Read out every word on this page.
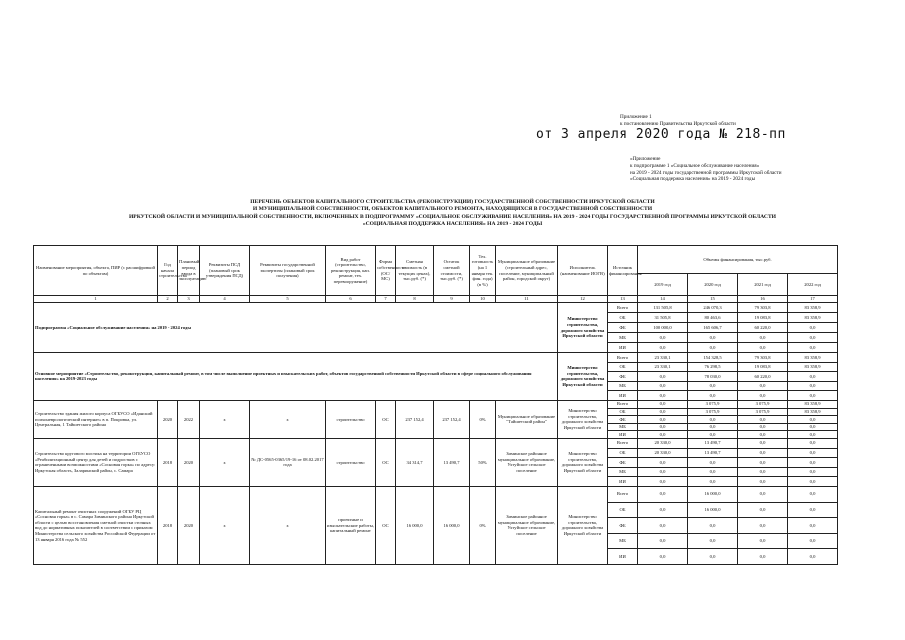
Приложение 1
к постановлению Правительства Иркутской области
от 3 апреля 2020 года № 218-пп
«Приложение
к подпрограмме 1 «Социальное обслуживание населения»
на 2019 - 2024 годы государственной программы Иркутской области
«Социальная поддержка населения» на 2019 - 2024 годы
ПЕРЕЧЕНЬ ОБЪЕКТОВ КАПИТАЛЬНОГО СТРОИТЕЛЬСТВА (РЕКОНСТРУКЦИИ) ГОСУДАРСТВЕННОЙ СОБСТВЕННОСТИ ИРКУТСКОЙ ОБЛАСТИ
И МУНИЦИПАЛЬНОЙ СОБСТВЕННОСТИ, ОБЪЕКТОВ КАПИТАЛЬНОГО РЕМОНТА, НАХОДЯЩИХСЯ В ГОСУДАРСТВЕННОЙ СОБСТВЕННОСТИ
ИРКУТСКОЙ ОБЛАСТИ И МУНИЦИПАЛЬНОЙ СОБСТВЕННОСТИ, ВКЛЮЧЕННЫХ В ПОДПРОГРАММУ «СОЦИАЛЬНОЕ ОБСЛУЖИВАНИЕ НАСЕЛЕНИЯ» НА 2019 - 2024 ГОДЫ ГОСУДАРСТВЕННОЙ ПРОГРАММЫ ИРКУТСКОЙ ОБЛАСТИ
«СОЦИАЛЬНАЯ ПОДДЕРЖКА НАСЕЛЕНИЯ» НА 2019 - 2024 ГОДЫ
Наименование мероприятия, объекта, ПИР (с расшифровкой по объектам)	Год начала строительства	Плановый период ввода в эксплуатацию	Реквизиты ПСД (плановый срок утверждения ПСД)	Реквизиты государственной экспертизы (плановый срок получения)	Вид работ (строительство, реконструкция, кап. ремонт, тех. перевооружение)	Форма собственности (ОС/МС)	Сметная стоимость (в текущих ценах), тыс.руб. (*)	Остаток сметной стоимости, тыс.руб. (*)	Тех. готовность (на 1 января тек. фин. года) (в %)	Муниципальное образование (строительный адрес, поселение, муниципальный район, городской округ)	Исполнитель (наименование ИОГВ)	Источник финансирования	Объемы финансирования, тыс.руб.			
													2019 год	2020 год	2021 год	2022 год
1	2	3	4	5	6	7	8	9	10	11	12	13	14	15	16	17
Подпрограмма «Социальное обслуживание населения» на 2019 - 2024 годы											Министерство строительства, дорожного хозяйства Иркутской области	Всего	131 505,8	246 070,3	79 303,8	83 358,9
												ОБ	31 505,8	80 463,6	19 083,8	83 358,9
												ФБ	100 000,0	165 606,7	60 220,0	0,0
												МБ	0,0	0,0	0,0	0,0
												ИИ	0,0	0,0	0,0	0,0
Основное мероприятие «Строительство, реконструкция, капитальный ремонт, в том числе выполнение проектных и изыскательских работ, объектов государственной собственности Иркутской области в сфере социального обслуживания населения» на 2019-2023 годы											Министерство строительства, дорожного хозяйства Иркутской области	Всего	23 330,1	154 328,5	79 303,8	83 358,9
												ОБ	23 330,1	76 298,5	19 083,8	83 358,9
												ФБ	0,0	78 030,0	60 220,0	0,0
												МБ	0,0	0,0	0,0	0,0
												ИИ	0,0	0,0	0,0	0,0
Строительство здания жилого корпуса ОГБУСО «Иданский психоневрологический интернат» в п. Покровка, ул. Центральная, 1 Тайшетского района	2020	2022	х	х	строительство	ОС	237 152,4	237 152,4	0%	Муниципальное образование "Тайшетский район"	Министерство строительства, дорожного хозяйства Иркутской области	Всего	0,0	3 075,9	3 075,9	83 358,9
												ОБ	0,0	3 075,9	3 075,9	83 358,9
												ФБ	0,0	0,0	0,0	0,0
												МБ	0,0	0,0	0,0	0,0
												ИИ	0,0	0,0	0,0	0,0
Строительство кругового мостика на территории ОГБУСО «Реабилитационный центр для детей и подростков с ограниченными возможностями «Сосновая горка» по адресу: Иркутская область, Заларинский район, с. Самара	2018	2020	х	№ ДС-0565-0365/19-16 от 08.02.2017 года	строительство	ОС	34 314,7	13 490,7	50%	Зиминское районное муниципальное образование, Ухтуйское сельское поселение	Министерство строительства, дорожного хозяйства Иркутской области	Всего	20 330,0	13 490,7	0,0	0,0
												ОБ	20 330,0	13 490,7	0,0	0,0
												ФБ	0,0	0,0	0,0	0,0
												МБ	0,0	0,0	0,0	0,0
												ИИ	0,0	0,0	0,0	0,0
Капитальный ремонт очистных сооружений ОГБУ РЦ «Сосновая горка» в с. Самара Зиминского района Иркутской области с целью восстановления сметной очистки сточных вод до нормативных показателей в соответствии с приказом Министерства сельского хозяйства Российской Федерации от 13 января 2016 года № 552	2018	2020	х	х	проектные и изыскательские работы, капитальный ремонт	ОС	16 000,0	16 000,0	0%	Зиминское районное муниципальное образование, Ухтуйское сельское поселение	Министерство строительства, дорожного хозяйства Иркутской области	Всего	0,0	16 000,0	0,0	0,0
												ОБ	0,0	16 000,0	0,0	0,0
												ФБ	0,0	0,0	0,0	0,0
												МБ	0,0	0,0	0,0	0,0
												ИИ	0,0	0,0	0,0	0,0
